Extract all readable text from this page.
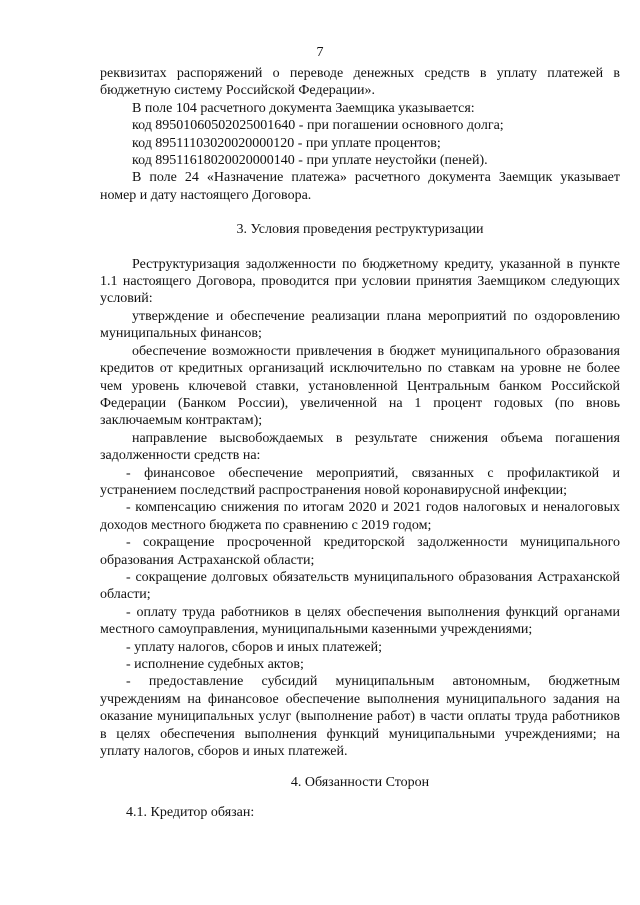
7

реквизитах распоряжений о переводе денежных средств в уплату платежей в бюджетную систему Российской Федерации».

В поле 104 расчетного документа Заемщика указывается:

код 89501060502025001640 - при погашении основного долга;

код 89511103020020000120 - при уплате процентов;

код 89511618020020000140 - при уплате неустойки (пеней).

В поле 24 «Назначение платежа» расчетного документа Заемщик указывает номер и дату настоящего Договора.

3. Условия проведения реструктуризации

Реструктуризация задолженности по бюджетному кредиту, указанной в пункте 1.1 настоящего Договора, проводится при условии принятия Заемщиком следующих условий:

утверждение и обеспечение реализации плана мероприятий по оздоровлению муниципальных финансов;

обеспечение возможности привлечения в бюджет муниципального образования кредитов от кредитных организаций исключительно по ставкам на уровне не более чем уровень ключевой ставки, установленной Центральным банком Российской Федерации (Банком России), увеличенной на 1 процент годовых (по вновь заключаемым контрактам);

направление высвобождаемых в результате снижения объема погашения задолженности средств на:

- финансовое обеспечение мероприятий, связанных с профилактикой и устранением последствий распространения новой коронавирусной инфекции;

- компенсацию снижения по итогам 2020 и 2021 годов налоговых и неналоговых доходов местного бюджета по сравнению с 2019 годом;

- сокращение просроченной кредиторской задолженности муниципального образования Астраханской области;

- сокращение долговых обязательств муниципального образования Астраханской области;

- оплату труда работников в целях обеспечения выполнения функций органами местного самоуправления, муниципальными казенными учреждениями;

- уплату налогов, сборов и иных платежей;

- исполнение судебных актов;

- предоставление субсидий муниципальным автономным, бюджетным учреждениям на финансовое обеспечение выполнения муниципального задания на оказание муниципальных услуг (выполнение работ) в части оплаты труда работников в целях обеспечения выполнения функций муниципальными учреждениями; на уплату налогов, сборов и иных платежей.

4. Обязанности Сторон

4.1. Кредитор обязан:
